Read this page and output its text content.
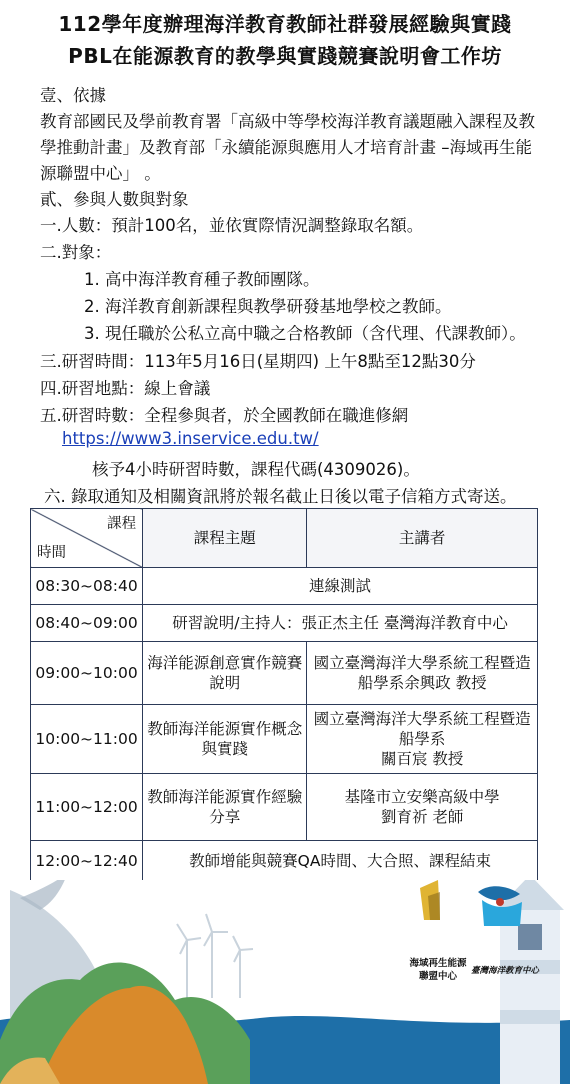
112學年度辦理海洋教育教師社群發展經驗與實踐
PBL在能源教育的教學與實踐競賽說明會工作坊
壹、依據
教育部國民及學前教育署「高級中等學校海洋教育議題融入課程及教
學推動計畫」及教育部「永續能源與應用人才培育計畫 –海域再生能
源聯盟中心」 。
貳、參與人數與對象
一.人數：預計100名，並依實際情況調整錄取名額。
二.對象：
1. 高中海洋教育種子教師團隊。
2. 海洋教育創新課程與教學研發基地學校之教師。
3. 現任職於公私立高中職之合格教師（含代理、代課教師）。
三.研習時間：113年5月16日(星期四) 上午8點至12點30分
四.研習地點：線上會議
五.研習時數：全程參與者，於全國教師在職進修網
https://www3.inservice.edu.tw/
核予4小時研習時數，課程代碼(4309026)。
六. 錄取通知及相關資訊將於報名截止日後以電子信箱方式寄送。
課程
時間	課程主題	主講者
08:30~08:40	連線測試	
08:40~09:00	研習說明/主持人：張正杰主任 臺灣海洋教育中心	
09:00~10:00	海洋能源創意實作競賽說明	國立臺灣海洋大學系統工程暨造船學系余興政 教授
10:00~11:00	教師海洋能源實作概念與實踐	國立臺灣海洋大學系統工程暨造船學系
關百宸 教授

11:00~12:00	教師海洋能源實作經驗分享	基隆市立安樂高級中學
劉育祈 老師

12:00~12:40	教師增能與競賽QA時間、大合照、課程結束	
海域再生能源
聯盟中心	臺灣海洋教育中心
